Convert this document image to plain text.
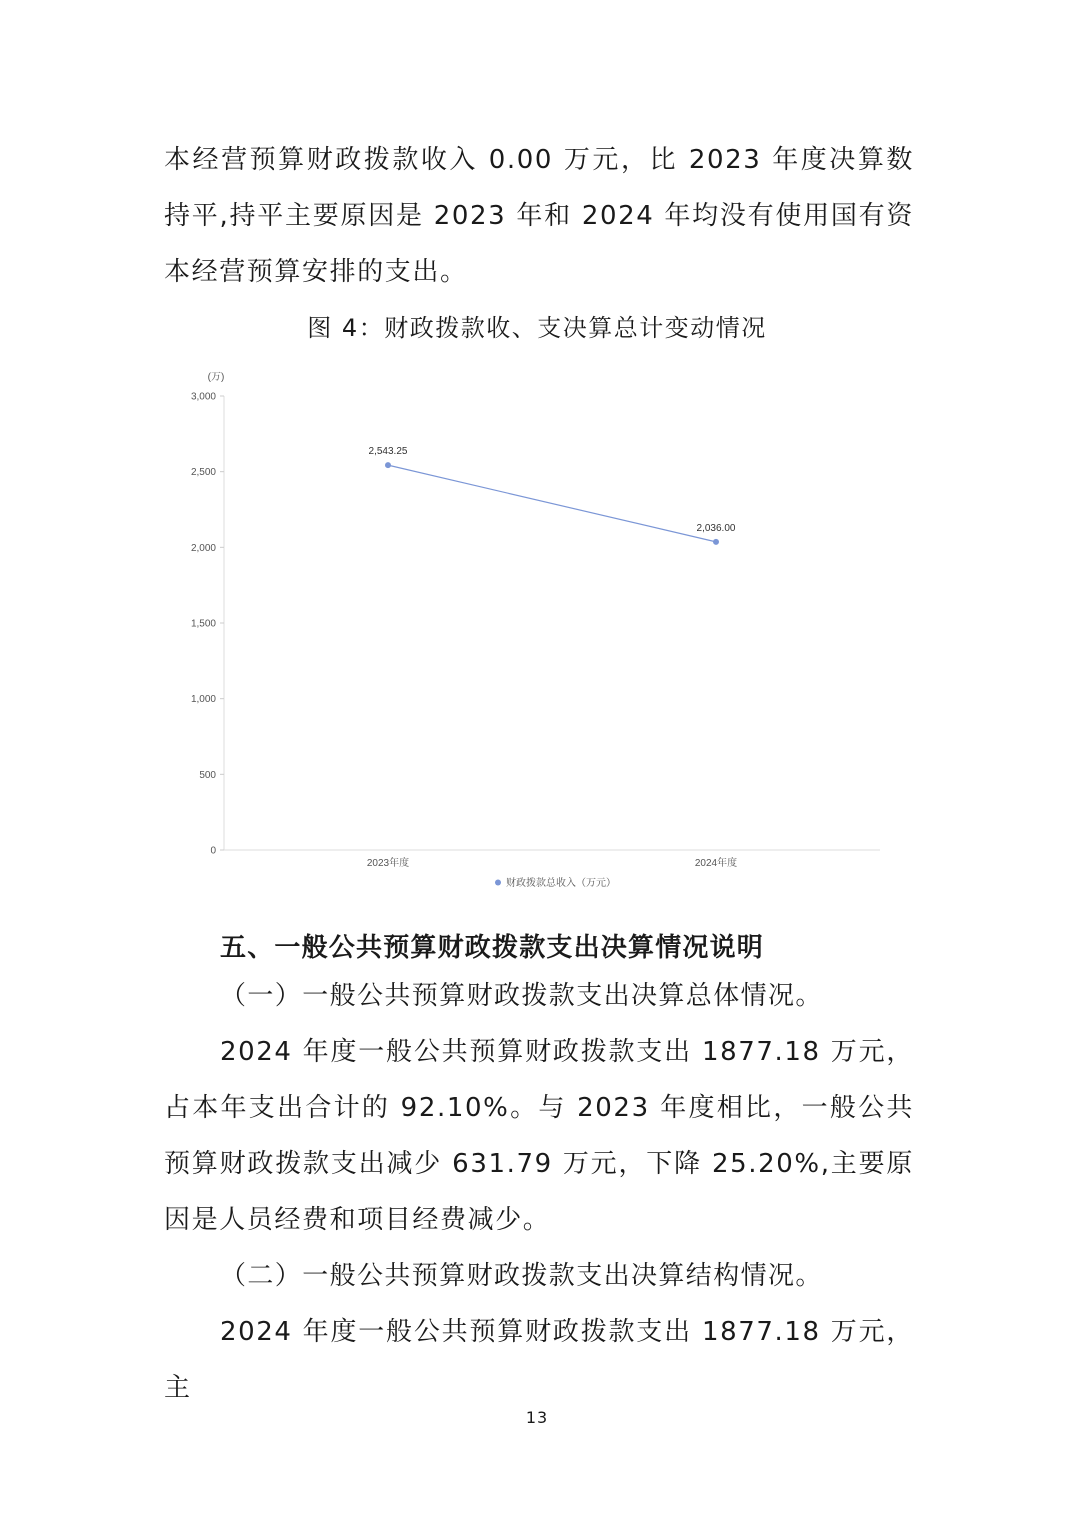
本经营预算财政拨款收入 0.00 万元，比 2023 年度决算数持平,持平主要原因是 2023 年和 2024 年均没有使用国有资本经营预算安排的支出。

图 4：财政拨款收、支决算总计变动情况

(万)
0
500
1,000
1,500
2,000
2,500
3,000
2023年度	2024年度
2,543.25
2,036.00
财政拨款总收入（万元）

五、一般公共预算财政拨款支出决算情况说明

（一）一般公共预算财政拨款支出决算总体情况。

2024 年度一般公共预算财政拨款支出 1877.18 万元，占本年支出合计的 92.10%。与 2023 年度相比，一般公共预算财政拨款支出减少 631.79 万元，下降 25.20%,主要原因是人员经费和项目经费减少。

（二）一般公共预算财政拨款支出决算结构情况。

2024 年度一般公共预算财政拨款支出 1877.18 万元，主

13
